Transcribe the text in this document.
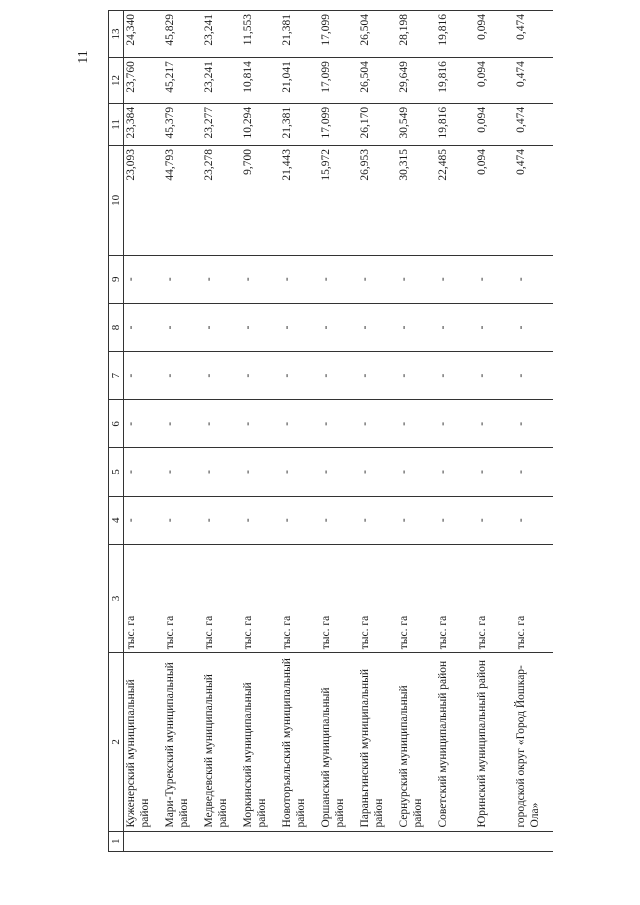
11
1	2	3	4	5	6	7	8	9	10	11	12	13
	Куженерский муниципальный район	тыс. га	-	-	-	-	-	-	23,093	23,384	23,760	24,340
	Мари-Турекский муниципальный район	тыс. га	-	-	-	-	-	-	44,793	45,379	45,217	45,829
	Медведевский муниципальный район	тыс. га	-	-	-	-	-	-	23,278	23,277	23,241	23,241
	Моркинский муниципальный район	тыс. га	-	-	-	-	-	-	9,700	10,294	10,814	11,553
	Новоторъяльский муниципальный район	тыс. га	-	-	-	-	-	-	21,443	21,381	21,041	21,381
	Оршанский муниципальный район	тыс. га	-	-	-	-	-	-	15,972	17,099	17,099	17,099
	Параньгинский муниципальный район	тыс. га	-	-	-	-	-	-	26,953	26,170	26,504	26,504
	Сернурский муниципальный район	тыс. га	-	-	-	-	-	-	30,315	30,549	29,649	28,198
	Советский муниципальный район	тыс. га	-	-	-	-	-	-	22,485	19,816	19,816	19,816
	Юринский муниципальный район	тыс. га	-	-	-	-	-	-	0,094	0,094	0,094	0,094
	городской округ «Город Йошкар-Ола»	тыс. га	-	-	-	-	-	-	0,474	0,474	0,474	0,474
